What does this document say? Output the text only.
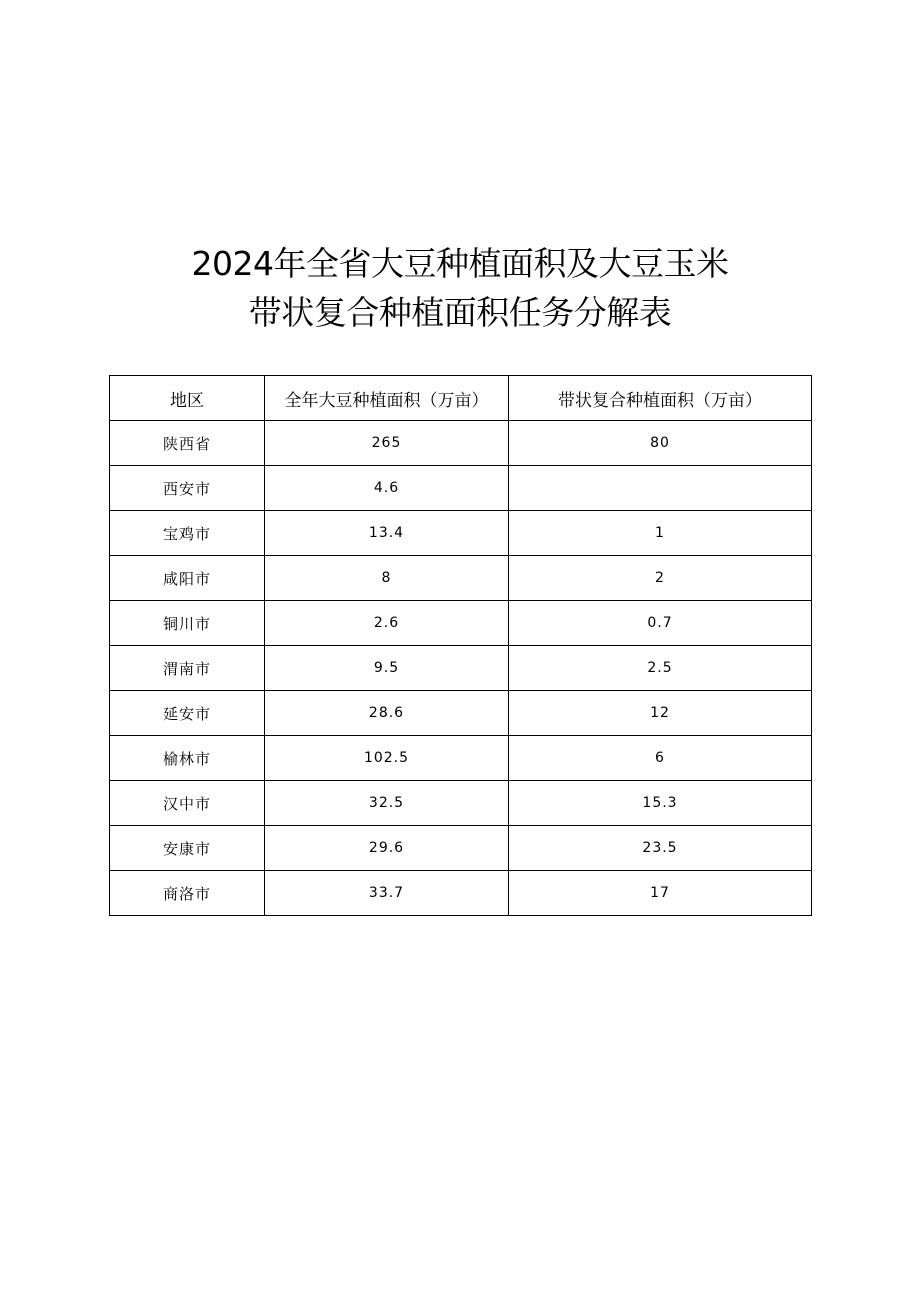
2024年全省大豆种植面积及大豆玉米
带状复合种植面积任务分解表
地区	全年大豆种植面积（万亩）	带状复合种植面积（万亩）
陕西省	265	80
西安市	4.6	
宝鸡市	13.4	1
咸阳市	8	2
铜川市	2.6	0.7
渭南市	9.5	2.5
延安市	28.6	12
榆林市	102.5	6
汉中市	32.5	15.3
安康市	29.6	23.5
商洛市	33.7	17
